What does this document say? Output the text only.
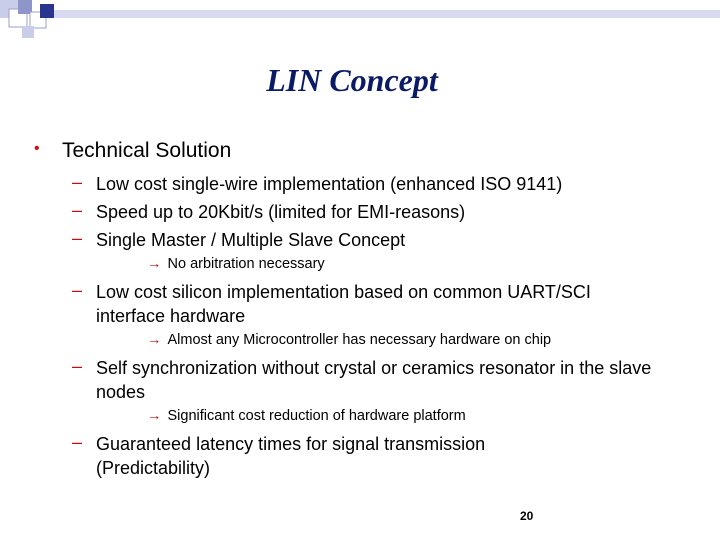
LIN Concept
• Technical Solution
– Low cost single-wire implementation (enhanced ISO 9141)
– Speed up to 20Kbit/s (limited for EMI-reasons)
– Single Master / Multiple Slave Concept
→ No arbitration necessary
– Low cost silicon implementation based on common UART/SCI interface hardware
→ Almost any Microcontroller has necessary hardware on chip
– Self synchronization without crystal or ceramics resonator in the slave nodes
→ Significant cost reduction of hardware platform
– Guaranteed latency times for signal transmission (Predictability)
20
